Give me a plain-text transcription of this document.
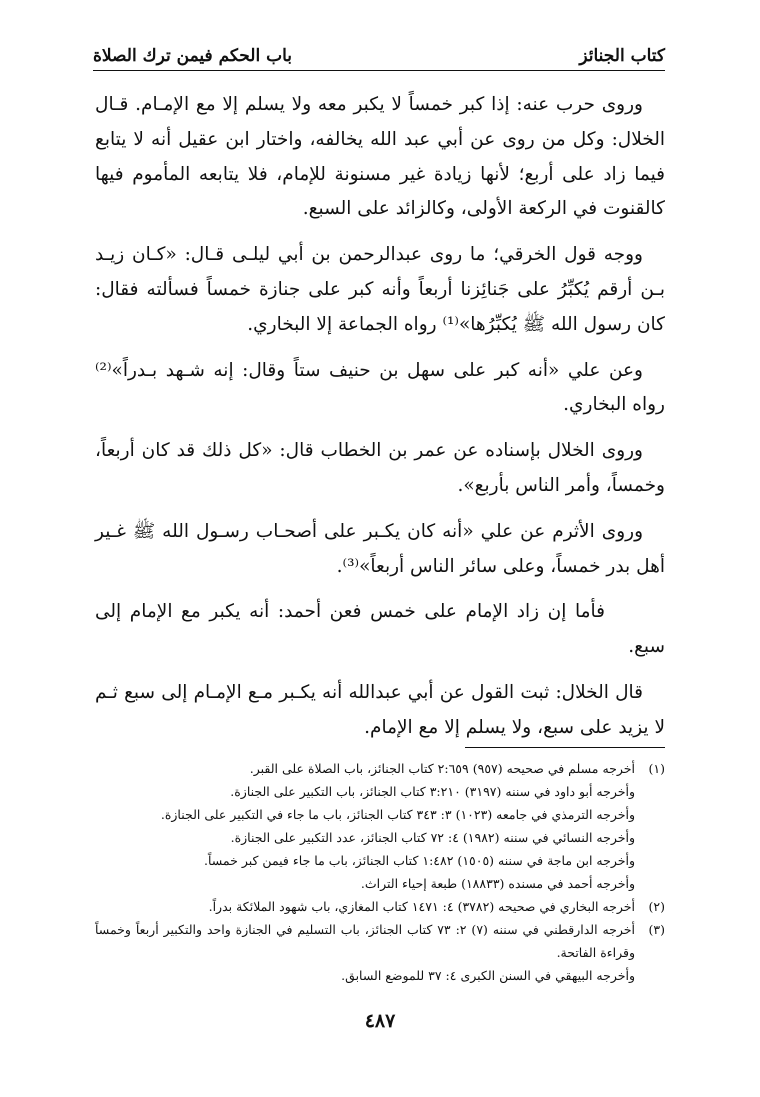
كتاب الجنائز
باب الحكم فيمن ترك الصلاة

وروى حرب عنه: إذا كبر خمساً لا يكبر معه ولا يسلم إلا مع الإمـام. قـال الخلال: وكل من روى عن أبي عبد الله يخالفه، واختار ابن عقيل أنه لا يتابع فيما زاد على أربع؛ لأنها زيادة غير مسنونة للإمام، فلا يتابعه المأموم فيها كالقنوت في الركعة الأولى، وكالزائد على السبع.

ووجه قول الخرقي؛ ما روى عبدالرحمن بن أبي ليلـى قـال: «كـان زيـد بـن أرقم يُكبِّرُ على جَنائِزنا أربعاً وأنه كبر على جنازة خمساً فسألته فقال: كان رسول الله ﷺ يُكبِّرُها»⁽¹⁾ رواه الجماعة إلا البخاري.

وعن علي «أنه كبر على سهل بن حنيف ستاً وقال: إنه شـهد بـدراً»⁽²⁾ رواه البخاري.

وروى الخلال بإسناده عن عمر بن الخطاب قال: «كل ذلك قد كان أربعاً، وخمساً، وأمر الناس بأربع».

وروى الأثرم عن علي «أنه كان يكـبر على أصحـاب رسـول الله ﷺ غـير أهل بدر خمساً، وعلى سائر الناس أربعاً»⁽³⁾.

فأما إن زاد الإمام على خمس فعن أحمد: أنه يكبر مع الإمام إلى سبع.

قال الخلال: ثبت القول عن أبي عبدالله أنه يكـبر مـع الإمـام إلى سبع ثـم لا يزيد على سبع، ولا يسلم إلا مع الإمام.

(١)
أخرجه مسلم في صحيحه (٩٥٧) ٢:٦٥٩ كتاب الجنائز، باب الصلاة على القبر.
وأخرجه أبو داود في سننه (٣١٩٧) ٣:٢١٠ كتاب الجنائز، باب التكبير على الجنازة.
وأخرجه الترمذي في جامعه (١٠٢٣) ٣: ٣٤٣ كتاب الجنائز، باب ما جاء في التكبير على الجنازة.
وأخرجه النسائي في سننه (١٩٨٢) ٤: ٧٢ كتاب الجنائز، عدد التكبير على الجنازة.
وأخرجه ابن ماجة في سننه (١٥٠٥) ١:٤٨٢ كتاب الجنائز، باب ما جاء فيمن كبر خمساً.
وأخرجه أحمد في مسنده (١٨٨٣٣) طبعة إحياء التراث.
(٢)
أخرجه البخاري في صحيحه (٣٧٨٢) ٤: ١٤٧١ كتاب المغازي، باب شهود الملائكة بدراً.
(٣)
أخرجه الدارقطني في سننه (٧) ٢: ٧٣ كتاب الجنائز، باب التسليم في الجنازة واحد والتكبير أربعاً وخمساً وقراءة الفاتحة.
وأخرجه البيهقي في السنن الكبرى ٤: ٣٧ للموضع السابق.
٤٨٧
